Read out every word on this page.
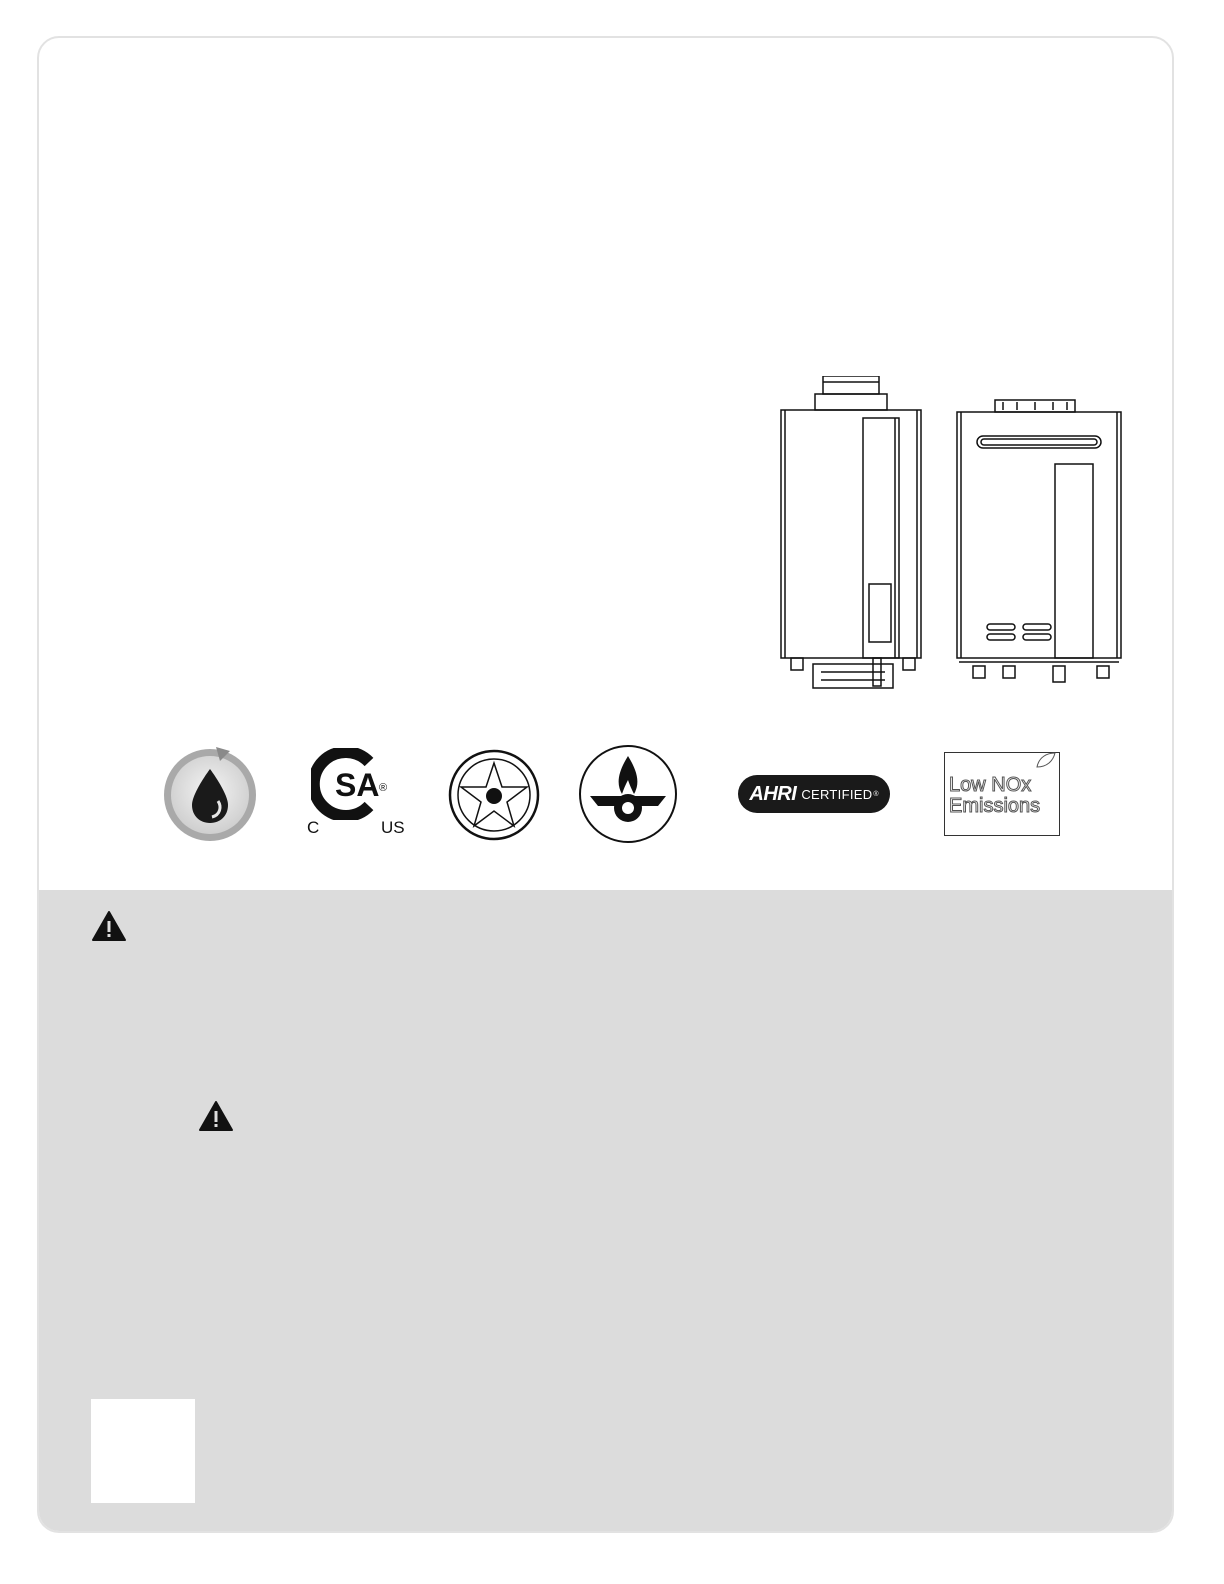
SA
C	US
®	AHRI CERTIFIED ®	Low NOx
Emissions
